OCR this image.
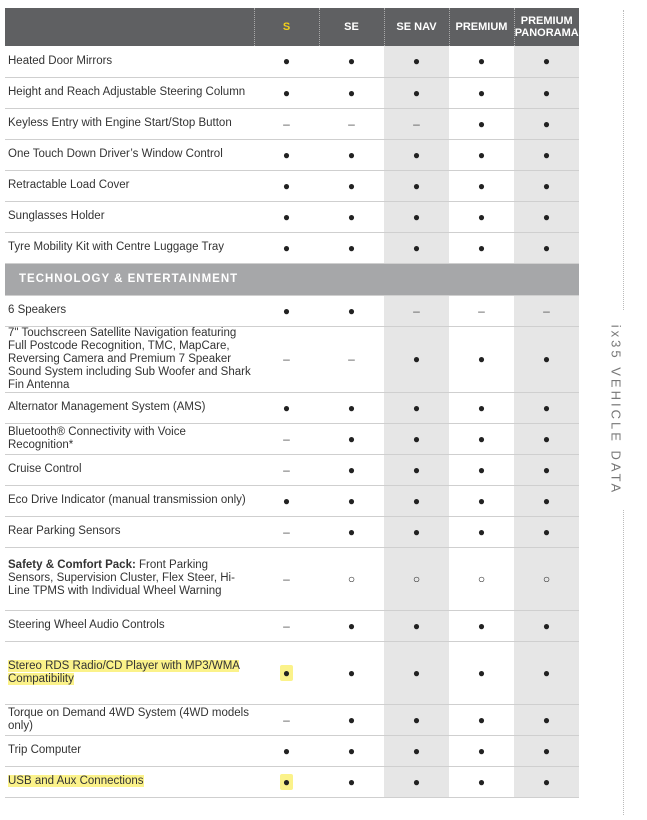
	S	SE	SE NAV	PREMIUM	PREMIUM PANORAMA
Heated Door Mirrors	●	●	●	●	●
Height and Reach Adjustable Steering Column	●	●	●	●	●
Keyless Entry with Engine Start/Stop Button	–	–	–	●	●
One Touch Down Driver’s Window Control	●	●	●	●	●
Retractable Load Cover	●	●	●	●	●
Sunglasses Holder	●	●	●	●	●
Tyre Mobility Kit with Centre Luggage Tray	●	●	●	●	●
TECHNOLOGY & ENTERTAINMENT					
6 Speakers	●	●	–	–	–
7" Touchscreen Satellite Navigation featuring Full Postcode Recognition, TMC, MapCare, Reversing Camera and Premium 7 Speaker Sound System including Sub Woofer and Shark Fin Antenna	–	–	●	●	●
Alternator Management System (AMS)	●	●	●	●	●
Bluetooth® Connectivity with Voice Recognition*	–	●	●	●	●
Cruise Control	–	●	●	●	●
Eco Drive Indicator (manual transmission only)	●	●	●	●	●
Rear Parking Sensors	–	●	●	●	●
Safety & Comfort Pack: Front Parking Sensors, Supervision Cluster, Flex Steer, Hi-Line TPMS with Individual Wheel Warning	–	○	○	○	○
Steering Wheel Audio Controls	–	●	●	●	●
Stereo RDS Radio/CD Player with MP3/WMA Compatibility	●	●	●	●	●
Torque on Demand 4WD System (4WD models only)	–	●	●	●	●
Trip Computer	●	●	●	●	●
USB and Aux Connections	●	●	●	●	●
ix35 VEHICLE DATA
